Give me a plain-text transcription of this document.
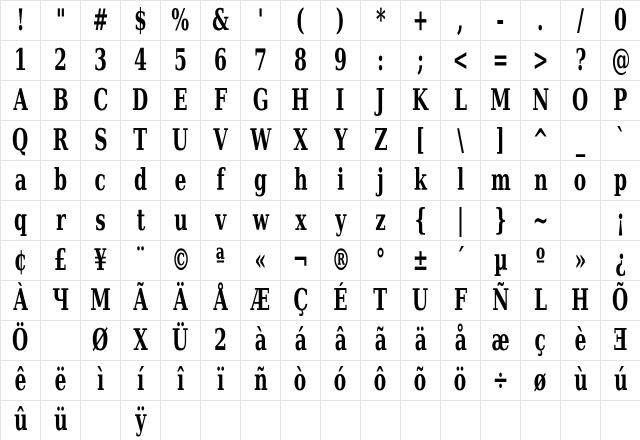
! " # $ % & ' ( ) * + , - . / 0
1 2 3 4 5 6 7 8 9 : ; < = > ? @
A B C D E F G H I J K L M N O P
Q R S T U V W X Y Z [ \ ] ^ _ `
a b c d e f g h i j k l m n o p
q r s t u v w x y z { | } ~ ¡
¢ £ ¥ ¨ © ª « ¬ ® ° ± ´ µ º » ¿
À Ч M Ã Ä Å Æ Ç É T U F Ñ L H Õ
Ö Ø X Ü 2 à á â ã ä å æ ç è Ǝ
ê ë ì í î ï ñ ò ó ô õ ö ÷ ø ù ú
û ü ÿ
